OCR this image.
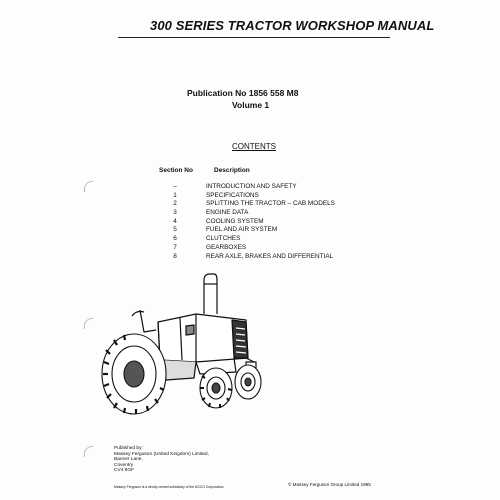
300 SERIES TRACTOR WORKSHOP MANUAL
Publication No 1856 558 M8
Volume 1
CONTENTS
Section No	Description
–	INTRODUCTION AND SAFETY
1	SPECIFICATIONS
2	SPLITTING THE TRACTOR – CAB MODELS
3	ENGINE DATA
4	COOLING SYSTEM
5	FUEL AND AIR SYSTEM
6	CLUTCHES
7	GEARBOXES
8	REAR AXLE, BRAKES AND DIFFERENTIAL
Published by:
Massey Ferguson (United Kingdom) Limited,
Banner Lane,
Coventry
CV4 9GF
Massey Ferguson is a wholly owned subsidiary of the AGCO Corporation	© Massey Ferguson Group Limited 1995
